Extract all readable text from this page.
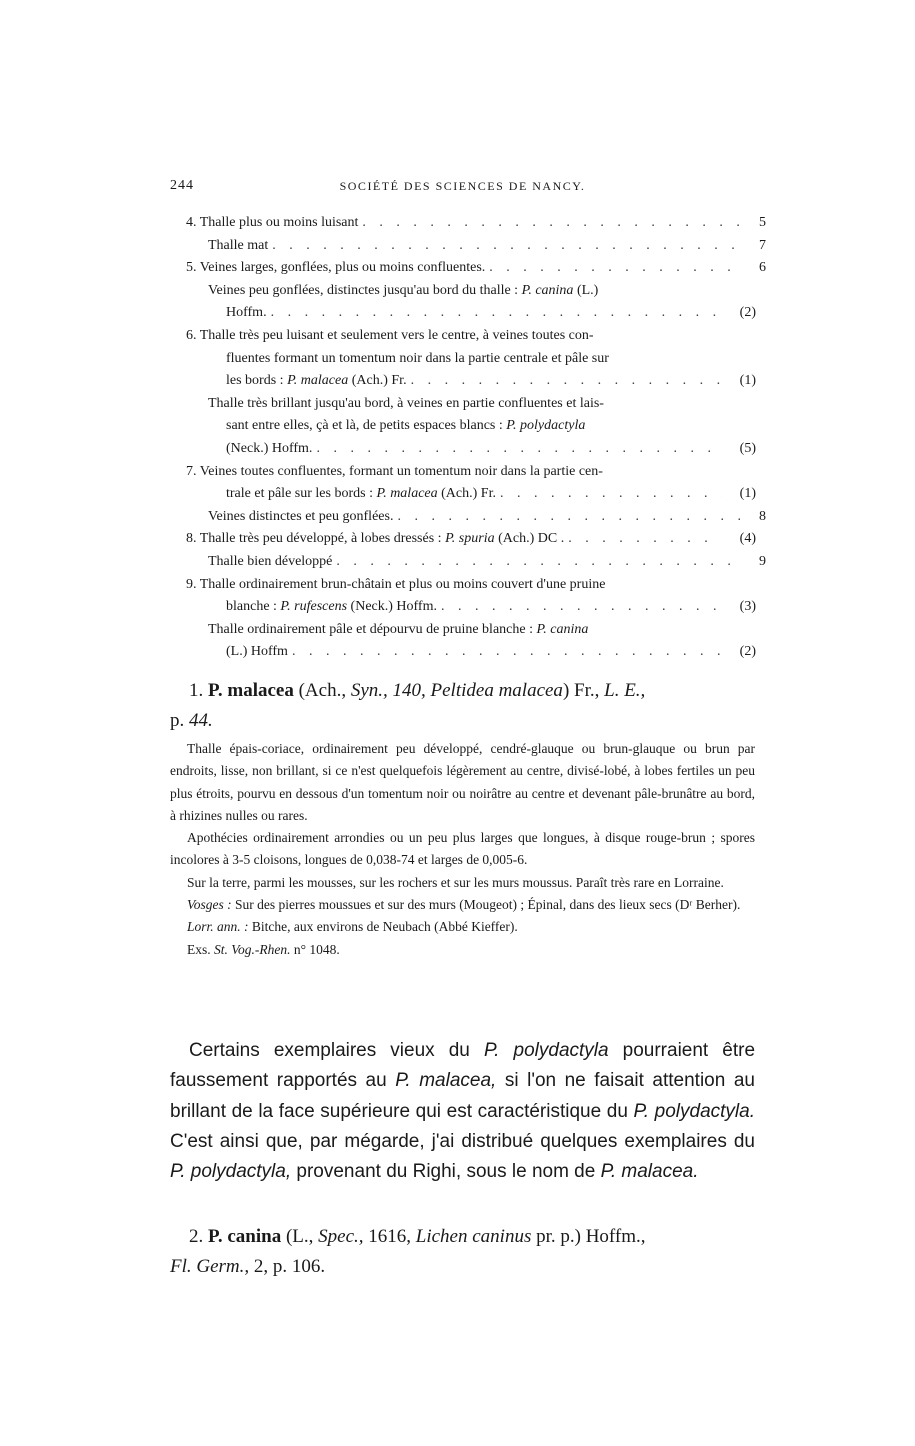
244	SOCIÉTÉ DES SCIENCES DE NANCY.
4. Thalle plus ou moins luisant . . .	5
Thalle mat . . .	7
5. Veines larges, gonflées, plus ou moins confluentes. . . .	6
Veines peu gonflées, distinctes jusqu'au bord du thalle : P. canina (L.)
Hoffm. . . .	(2)
6. Thalle très peu luisant et seulement vers le centre, à veines toutes con-
fluentes formant un tomentum noir dans la partie centrale et pâle sur
les bords : P. malacea (Ach.) Fr. . . .	(1)
Thalle très brillant jusqu'au bord, à veines en partie confluentes et lais-
sant entre elles, çà et là, de petits espaces blancs : P. polydactyla
(Neck.) Hoffm. . . .	(5)
7. Veines toutes confluentes, formant un tomentum noir dans la partie cen-
trale et pâle sur les bords : P. malacea (Ach.) Fr. . . .	(1)
Veines distinctes et peu gonflées. . . .	8
8. Thalle très peu développé, à lobes dressés : P. spuria (Ach.) DC . . . .	(4)
Thalle bien développé . . .	9
9. Thalle ordinairement brun-châtain et plus ou moins couvert d'une pruine
blanche : P. rufescens (Neck.) Hoffm. . . .	(3)
Thalle ordinairement pâle et dépourvu de pruine blanche : P. canina
(L.) Hoffm . . .	(2)
1. P. malacea (Ach., Syn., 140, Peltidea malacea) Fr., L. E.,
p. 44.

Thalle épais-coriace, ordinairement peu développé, cendré-glauque ou brun-glauque ou brun par endroits, lisse, non brillant, si ce n'est quelquefois légèrement au centre, divisé-lobé, à lobes fertiles un peu plus étroits, pourvu en dessous d'un tomentum noir ou noirâtre au centre et devenant pâle-brunâtre au bord, à rhizines nulles ou rares.

Apothécies ordinairement arrondies ou un peu plus larges que longues, à disque rouge-brun ; spores incolores à 3-5 cloisons, longues de 0,038-74 et larges de 0,005-6.

Sur la terre, parmi les mousses, sur les rochers et sur les murs moussus. Paraît très rare en Lorraine.

Vosges : Sur des pierres moussues et sur des murs (Mougeot) ; Épinal, dans des lieux secs (Dʳ Berher).

Lorr. ann. : Bitche, aux environs de Neubach (Abbé Kieffer).

Exs. St. Vog.-Rhen. n° 1048.

Certains exemplaires vieux du P. polydactyla pourraient être faussement rapportés au P. malacea, si l'on ne faisait attention au brillant de la face supérieure qui est caractéristique du P. polydactyla. C'est ainsi que, par mégarde, j'ai distribué quelques exemplaires du P. polydactyla, provenant du Righi, sous le nom de P. malacea.

2. P. canina (L., Spec., 1616, Lichen caninus pr. p.) Hoffm.,

Fl. Germ., 2, p. 106.
